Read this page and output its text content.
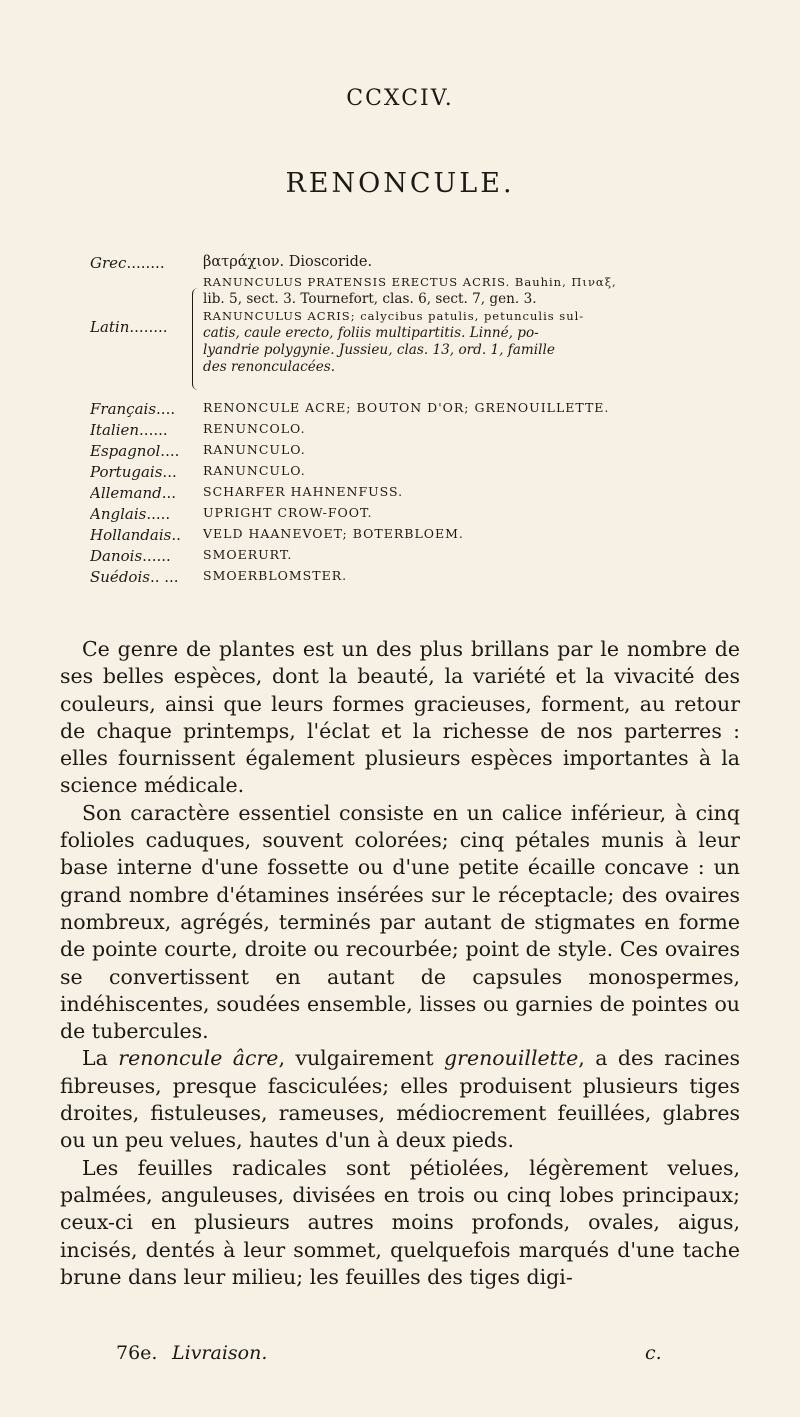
CCXCIV.
RENONCULE.
Grec........	βατράχιον. Dioscoride.
Latin........
RANUNCULUS PRATENSIS ERECTUS ACRIS. Bauhin, Πιναξ,
lib. 5, sect. 3. Tournefort, clas. 6, sect. 7, gen. 3.
RANUNCULUS ACRIS; calycibus patulis, petunculis sul-
catis, caule erecto, foliis multipartitis. Linné, po-
lyandrie polygynie. Jussieu, clas. 13, ord. 1, famille
des renonculacées.
Français....	RENONCULE ACRE; BOUTON D'OR; GRENOUILLETTE.
Italien......	RENUNCOLO.
Espagnol....	RANUNCULO.
Portugais...	RANUNCULO.
Allemand...	SCHARFER HAHNENFUSS.
Anglais.....	UPRIGHT CROW-FOOT.
Hollandais..	VELD HAANEVOET; BOTERBLOEM.
Danois......	SMOERURT.
Suédois.. ...	SMOERBLOMSTER.

Ce genre de plantes est un des plus brillans par le nombre de ses belles espèces, dont la beauté, la variété et la vivacité des couleurs, ainsi que leurs formes gracieuses, forment, au retour de chaque printemps, l'éclat et la richesse de nos parterres : elles fournissent également plusieurs espèces importantes à la science médicale.

Son caractère essentiel consiste en un calice inférieur, à cinq folioles caduques, souvent colorées; cinq pétales munis à leur base interne d'une fossette ou d'une petite écaille concave : un grand nombre d'étamines insérées sur le réceptacle; des ovaires nombreux, agrégés, terminés par autant de stigmates en forme de pointe courte, droite ou recourbée; point de style. Ces ovaires se convertissent en autant de capsules monospermes, indéhiscentes, soudées ensemble, lisses ou garnies de pointes ou de tubercules.

La renoncule âcre, vulgairement grenouillette, a des racines fibreuses, presque fasciculées; elles produisent plusieurs tiges droites, fistuleuses, rameuses, médiocrement feuillées, glabres ou un peu velues, hautes d'un à deux pieds.

Les feuilles radicales sont pétiolées, légèrement velues, palmées, anguleuses, divisées en trois ou cinq lobes principaux; ceux-ci en plusieurs autres moins profonds, ovales, aigus, incisés, dentés à leur sommet, quelquefois marqués d'une tache brune dans leur milieu; les feuilles des tiges digi-

76e. Livraison.	c.
